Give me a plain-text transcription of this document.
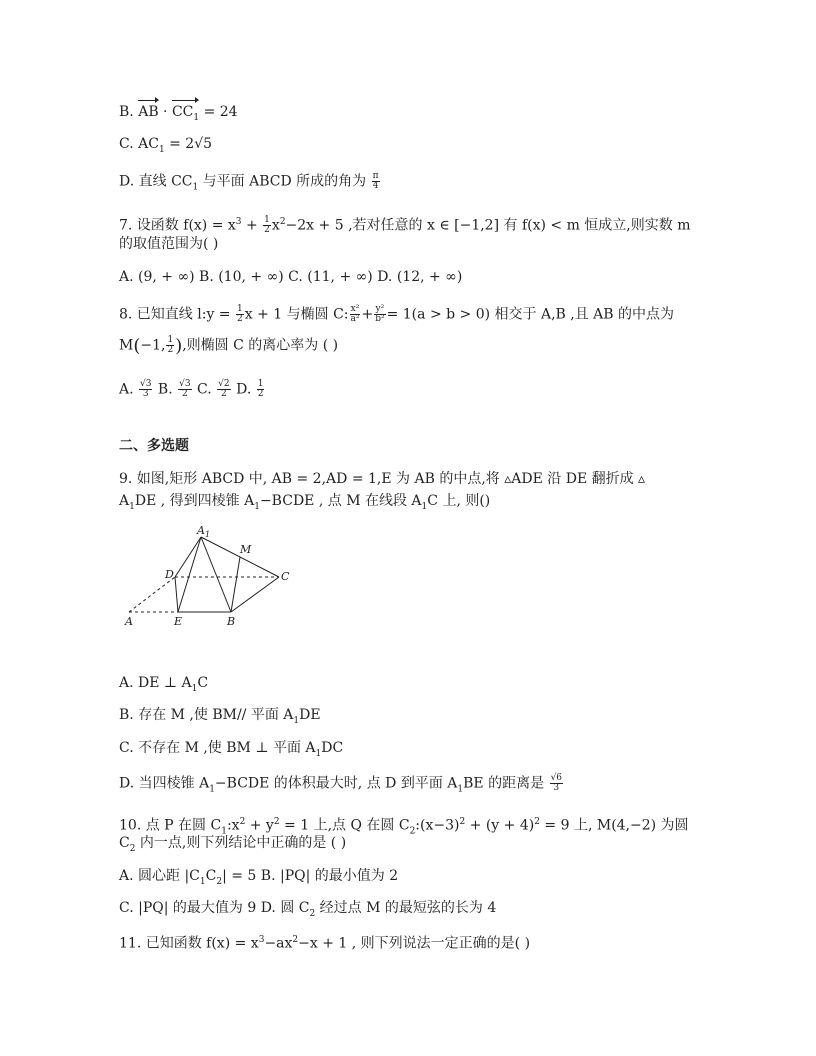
B. AB · $CC_1 = 24$
C. $AC_1 = 2√5$
D. 直线 $CC_1$ 与平面 ABCD 所成的角为 $\frac{\pi}{4}$
7. 设函数 $f(x) = x^3 + \frac{1}{2} x^2-2x + 5$ ,若对任意的 x ∈ [−1,2] 有 f(x) < m 恒成立,则实数 m
的取值范围为( )
A. (9, + ∞) B. (10, + ∞) C. (11, + ∞) D. (12, + ∞)
8. 已知直线 l:y = $\frac{1}{2}$ x + 1 与椭圆 C: $\frac{\text{x²}}{\text{a²}} + \frac{\text{y²}}{\text{b²}} = 1(a > b > 0)$ 相交于 A,B ,且 AB 的中点为
M(−1, $\frac{1}{2}$ ),则椭圆 C 的离心率为 ( )
A. $\frac{√3}{3} B$. $\frac{√3}{2} C$. $\frac{√2}{2} D$. $\frac{1}{2}$
二、多选题
9. 如图,矩形 ABCD 中, AB = 2,AD = 1,E 为 AB 的中点,将 ▵ADE 沿 DE 翻折成 ▵
$A_1DE$ , 得到四棱锥 $A_1-BCDE$ , 点 M 在线段 $A_1C$ 上, 则()
$A_1$
M
D	C
A	E	B
A. DE ⊥ $A_1C$
B. 存在 M ,使 BM// 平面 $A_1DE$
C. 不存在 M ,使 BM ⊥ 平面 $A_1DC$
D. 当四棱锥 $A_1-BCDE$ 的体积最大时, 点 D 到平面 $A_1BE$ 的距离是 $\frac{√6}{3}$
10. 点 P 在圆 $C_1:x^2 + y^2 = 1$ 上,点 Q 在圆 $C_2:(x-3)^2 + (y + 4)^2 = 9$ 上, M(4,−2) 为圆
$C_2$ 内一点,则下列结论中正确的是 ( )
A. 圆心距 $|C_1C_2| = 5$ B. |PQ| 的最小值为 2
C. |PQ| 的最大值为 9 D. 圆 $C_2$ 经过点 M 的最短弦的长为 4
11. 已知函数 $f(x) = x^3-ax^2-x + 1$ , 则下列说法一定正确的是( )
